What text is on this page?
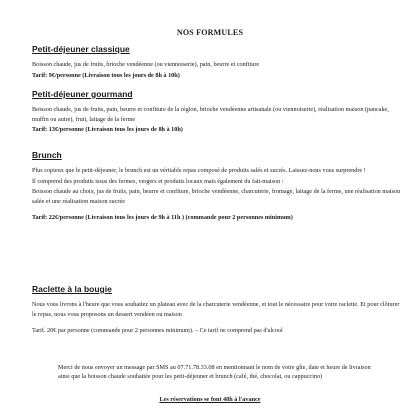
NOS FORMULES
Petit-déjeuner classique
Boisson chaude, jus de fruits, brioche vendéenne (ou viennoiserie), pain, beurre et confiture
Tarif: 9€/personne (Livraison tous les jours de 8h à 10h)
Petit-déjeuner gourmand
Boisson chaude, jus de fruits, pain, beurre et confiture de la région, brioche vendéenne artisanale (ou viennoiserie), réalisation maison (pancake, muffin ou autre), fruit, laitage de la ferme
Tarif: 13€/personne (Livraison tous les jours de 8h à 10h)
Brunch
Plus copieux que le petit-déjeuner, le brunch est un véritable repas composé de produits salés et sucrés. Laissez-nous vous surprendre !
Il comprend des produits issus des fermes, vergers et produits locaux mais également du fait-maison :
Boisson chaude au choix, jus de fruits, pain, beurre et confiture, brioche vendéenne, charcuterie, fromage, laitage de la ferme, une réalisation maison salée et une réalisation maison sucrée
Tarif: 22€/personne (Livraison tous les jours de 9h à 11h ) (commande pour 2 personnes minimum)
Raclette à la bougie
Nous vous livrons à l'heure que vous souhaitez un plateau avec de la charcuterie vendéenne, et tout le nécessaire pour votre raclette. Et pour clôturer le repas, nous vous proposons un dessert vendéen ou maison
Tarif. 20€ par personne (commande pour 2 personnes minimum). – Ce tarif ne comprend pas d'alcool
Merci de nous envoyer un message par SMS au 07.71.78.33.08 en mentionnant le nom de votre gîte, date et heure de livraison ainsi que la boisson chaude souhaitée pour les petit-déjeuner et brunch (café, thé, chocolat, ou cappuccino)
Les réservations se font 48h à l'avance
